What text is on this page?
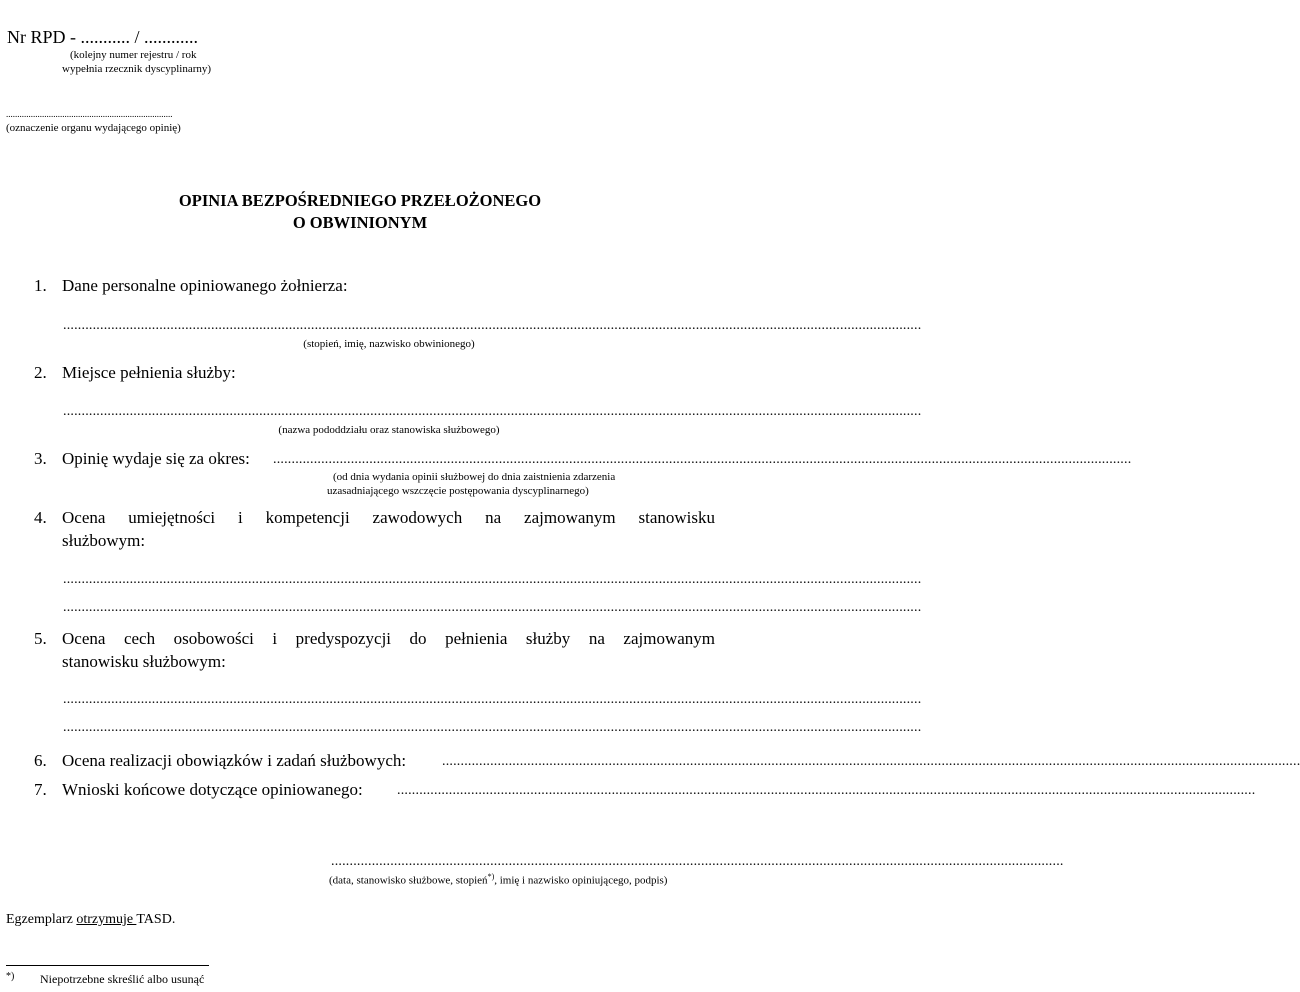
Nr RPD - ........... / ............
(kolejny numer rejestru / rok
wypełnia rzecznik dyscyplinarny)
..........................................................................
(oznaczenie organu wydającego opinię)
OPINIA BEZPOŚREDNIEGO PRZEŁOŻONEGO
O OBWINIONYM
1. Dane personalne opiniowanego żołnierza:
........................................................................................................................................................................................................................................
(stopień, imię, nazwisko obwinionego)
2. Miejsce pełnienia służby:
........................................................................................................................................................................................................................................
(nazwa pododdziału oraz stanowiska służbowego)
3. Opinię wydaje się za okres: ........................................................................................................................................................................................................................................
(od dnia wydania opinii służbowej do dnia zaistnienia zdarzenia
uzasadniającego wszczęcie postępowania dyscyplinarnego)
4. Ocena umiejętności i kompetencji zawodowych na zajmowanym stanowisku
służbowym:
........................................................................................................................................................................................................................................
........................................................................................................................................................................................................................................
5. Ocena cech osobowości i predyspozycji do pełnienia służby na zajmowanym
stanowisku służbowym:
........................................................................................................................................................................................................................................
........................................................................................................................................................................................................................................
6. Ocena realizacji obowiązków i zadań służbowych:	........................................................................................................................................................................................................................................
7. Wnioski końcowe dotyczące opiniowanego: ........................................................................................................................................................................................................................................
......................................................................................................................................................................................................
(data, stanowisko służbowe, stopień*), imię i nazwisko opiniującego, podpis)
Egzemplarz otrzymuje TASD.
*) Niepotrzebne skreślić albo usunąć
